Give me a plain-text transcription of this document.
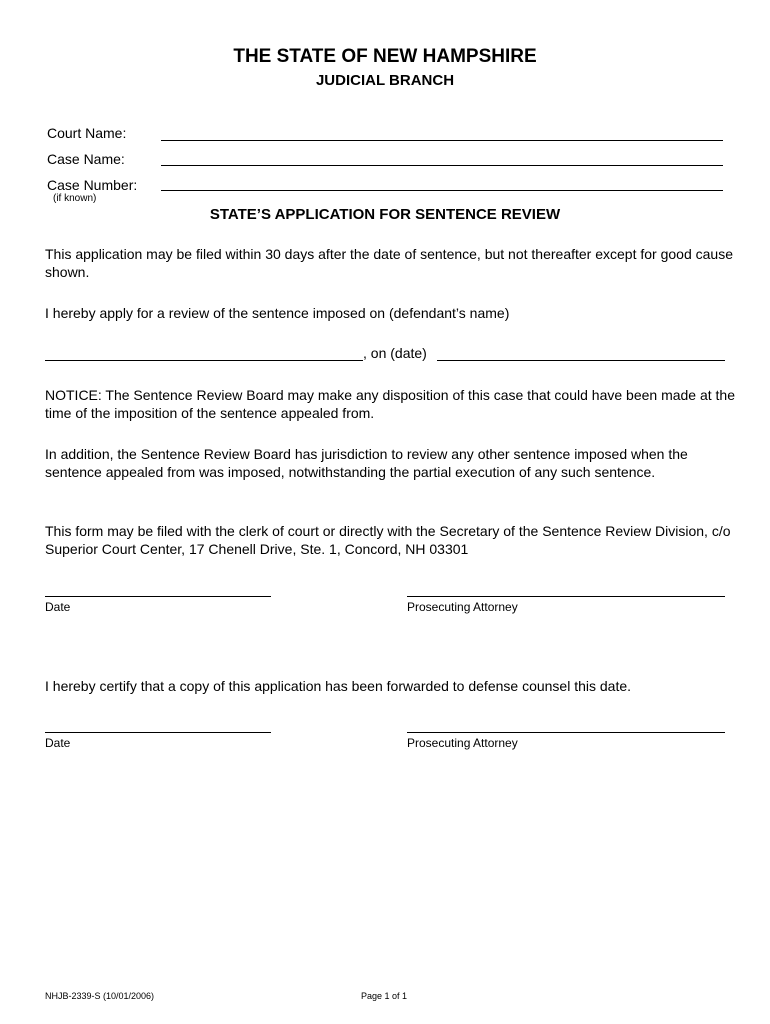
THE STATE OF NEW HAMPSHIRE
JUDICIAL BRANCH
Court Name:
Case Name:
Case Number:
(if known)
STATE’S APPLICATION FOR SENTENCE REVIEW
This application may be filed within 30 days after the date of sentence, but not thereafter except for good cause shown.
I hereby apply for a review of the sentence imposed on (defendant’s name)
, on (date)
NOTICE: The Sentence Review Board may make any disposition of this case that could have been made at the time of the imposition of the sentence appealed from.
In addition, the Sentence Review Board has jurisdiction to review any other sentence imposed when the sentence appealed from was imposed, notwithstanding the partial execution of any such sentence.
This form may be filed with the clerk of court or directly with the Secretary of the Sentence Review Division, c/o Superior Court Center, 17 Chenell Drive, Ste. 1, Concord, NH 03301
Date	Prosecuting Attorney
I hereby certify that a copy of this application has been forwarded to defense counsel this date.
Date	Prosecuting Attorney
NHJB-2339-S (10/01/2006)	Page 1 of 1
